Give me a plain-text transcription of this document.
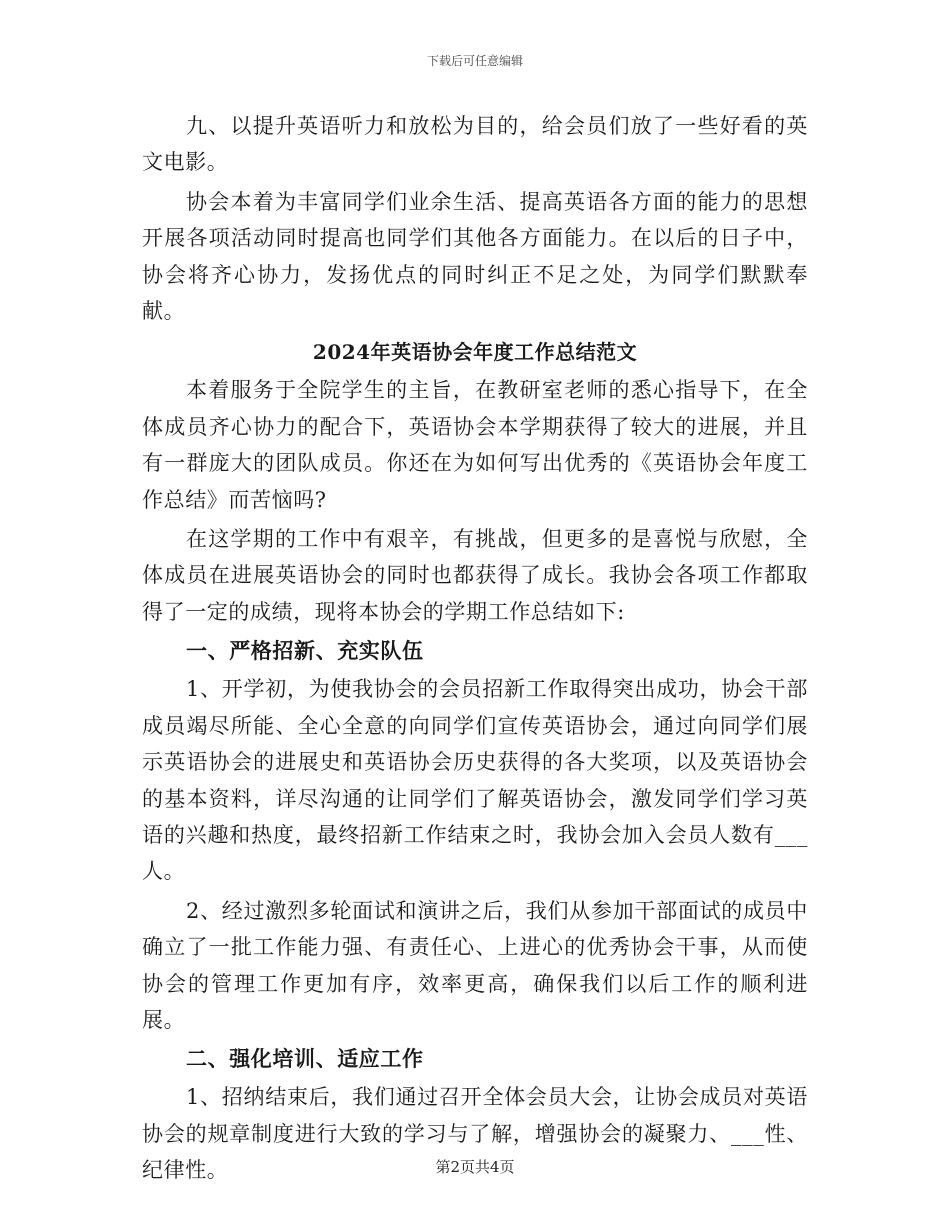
下载后可任意编辑

九、以提升英语听力和放松为目的，给会员们放了一些好看的英文电影。

协会本着为丰富同学们业余生活、提高英语各方面的能力的思想开展各项活动同时提高也同学们其他各方面能力。在以后的日子中，协会将齐心协力，发扬优点的同时纠正不足之处，为同学们默默奉献。

2024年英语协会年度工作总结范文

本着服务于全院学生的主旨，在教研室老师的悉心指导下，在全体成员齐心协力的配合下，英语协会本学期获得了较大的进展，并且有一群庞大的团队成员。你还在为如何写出优秀的《英语协会年度工作总结》而苦恼吗?

在这学期的工作中有艰辛，有挑战，但更多的是喜悦与欣慰，全体成员在进展英语协会的同时也都获得了成长。我协会各项工作都取得了一定的成绩，现将本协会的学期工作总结如下:

一、严格招新、充实队伍

1、开学初，为使我协会的会员招新工作取得突出成功，协会干部成员竭尽所能、全心全意的向同学们宣传英语协会，通过向同学们展示英语协会的进展史和英语协会历史获得的各大奖项，以及英语协会的基本资料，详尽沟通的让同学们了解英语协会，激发同学们学习英语的兴趣和热度，最终招新工作结束之时，我协会加入会员人数有___人。

2、经过激烈多轮面试和演讲之后，我们从参加干部面试的成员中确立了一批工作能力强、有责任心、上进心的优秀协会干事，从而使协会的管理工作更加有序，效率更高，确保我们以后工作的顺利进展。

二、强化培训、适应工作

1、招纳结束后，我们通过召开全体会员大会，让协会成员对英语协会的规章制度进行大致的学习与了解，增强协会的凝聚力、___性、纪律性。	第2页共4页
